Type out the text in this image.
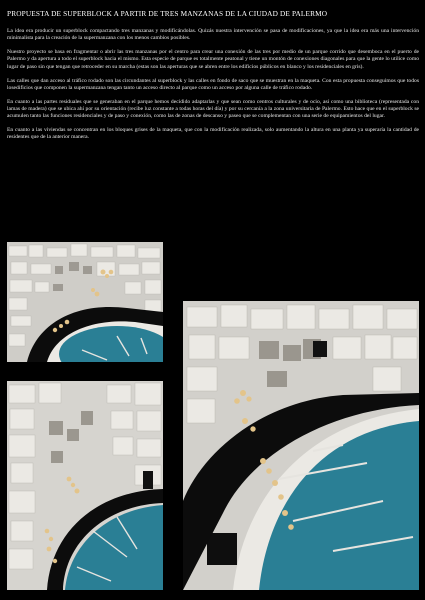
PROPUESTA DE SUPERBLOCK A PARTIR DE TRES MANZANAS DE LA CIUDAD DE PALERMO

La idea era producir un superblock compactando tres manzanas y modificándolas. Quizás nuestra intervención se pasa de modificaciones, ya que la idea era más una intervención minimalista para la creación de la supermanzana con los menos cambios posibles.

Nuestro proyecto se basa en fragmentar o abrir las tres manzanas por el centro para crear una conexión de las tres por medio de un parque corrido que desemboca en el puerto de Palermo y da apertura a todo el superblock hacia el mismo. Esta especie de parque es totalmente peatonal y tiene un montón de conexiones diagonales para que la gente lo utilice como lugar de paso sin que tengan que retroceder en su marcha (estas son las aperturas que se abren entre los edificios públicos en blanco y los residenciales en gris).

Las calles que dan acceso al tráfico rodado son las circundantes al superblock y las calles en fondo de saco que se muestran en la maqueta. Con esta propuesta conseguimos que todos losedificios que componen la supermanzana tengan tanto un acceso directo al parque como un acceso por alguna calle de tráfico rodado.

En cuanto a las partes residuales que se generaban en el parque hemos decidido adaptarlas y que sean como centros culturales y de ocio, así como una biblioteca (representada con lamas de madera) que se ubica ahí por su orientación (recibe luz constante a todas horas del día) y por su cercanía a la zona universitaria de Palermo. Esto hace que en el superblock se acumulen tanto las funciones residenciales y de paso y conexión, como las de zonas de descanso y paseo que se complementan con una serie de equipamientos del lugar.

En cuanto a las viviendas se concentran en los bloques grises de la maqueta, que con la modificación realizada, solo aumentando la altura en una planta ya superaría la cantidad de residentes que de la anterior manera.
